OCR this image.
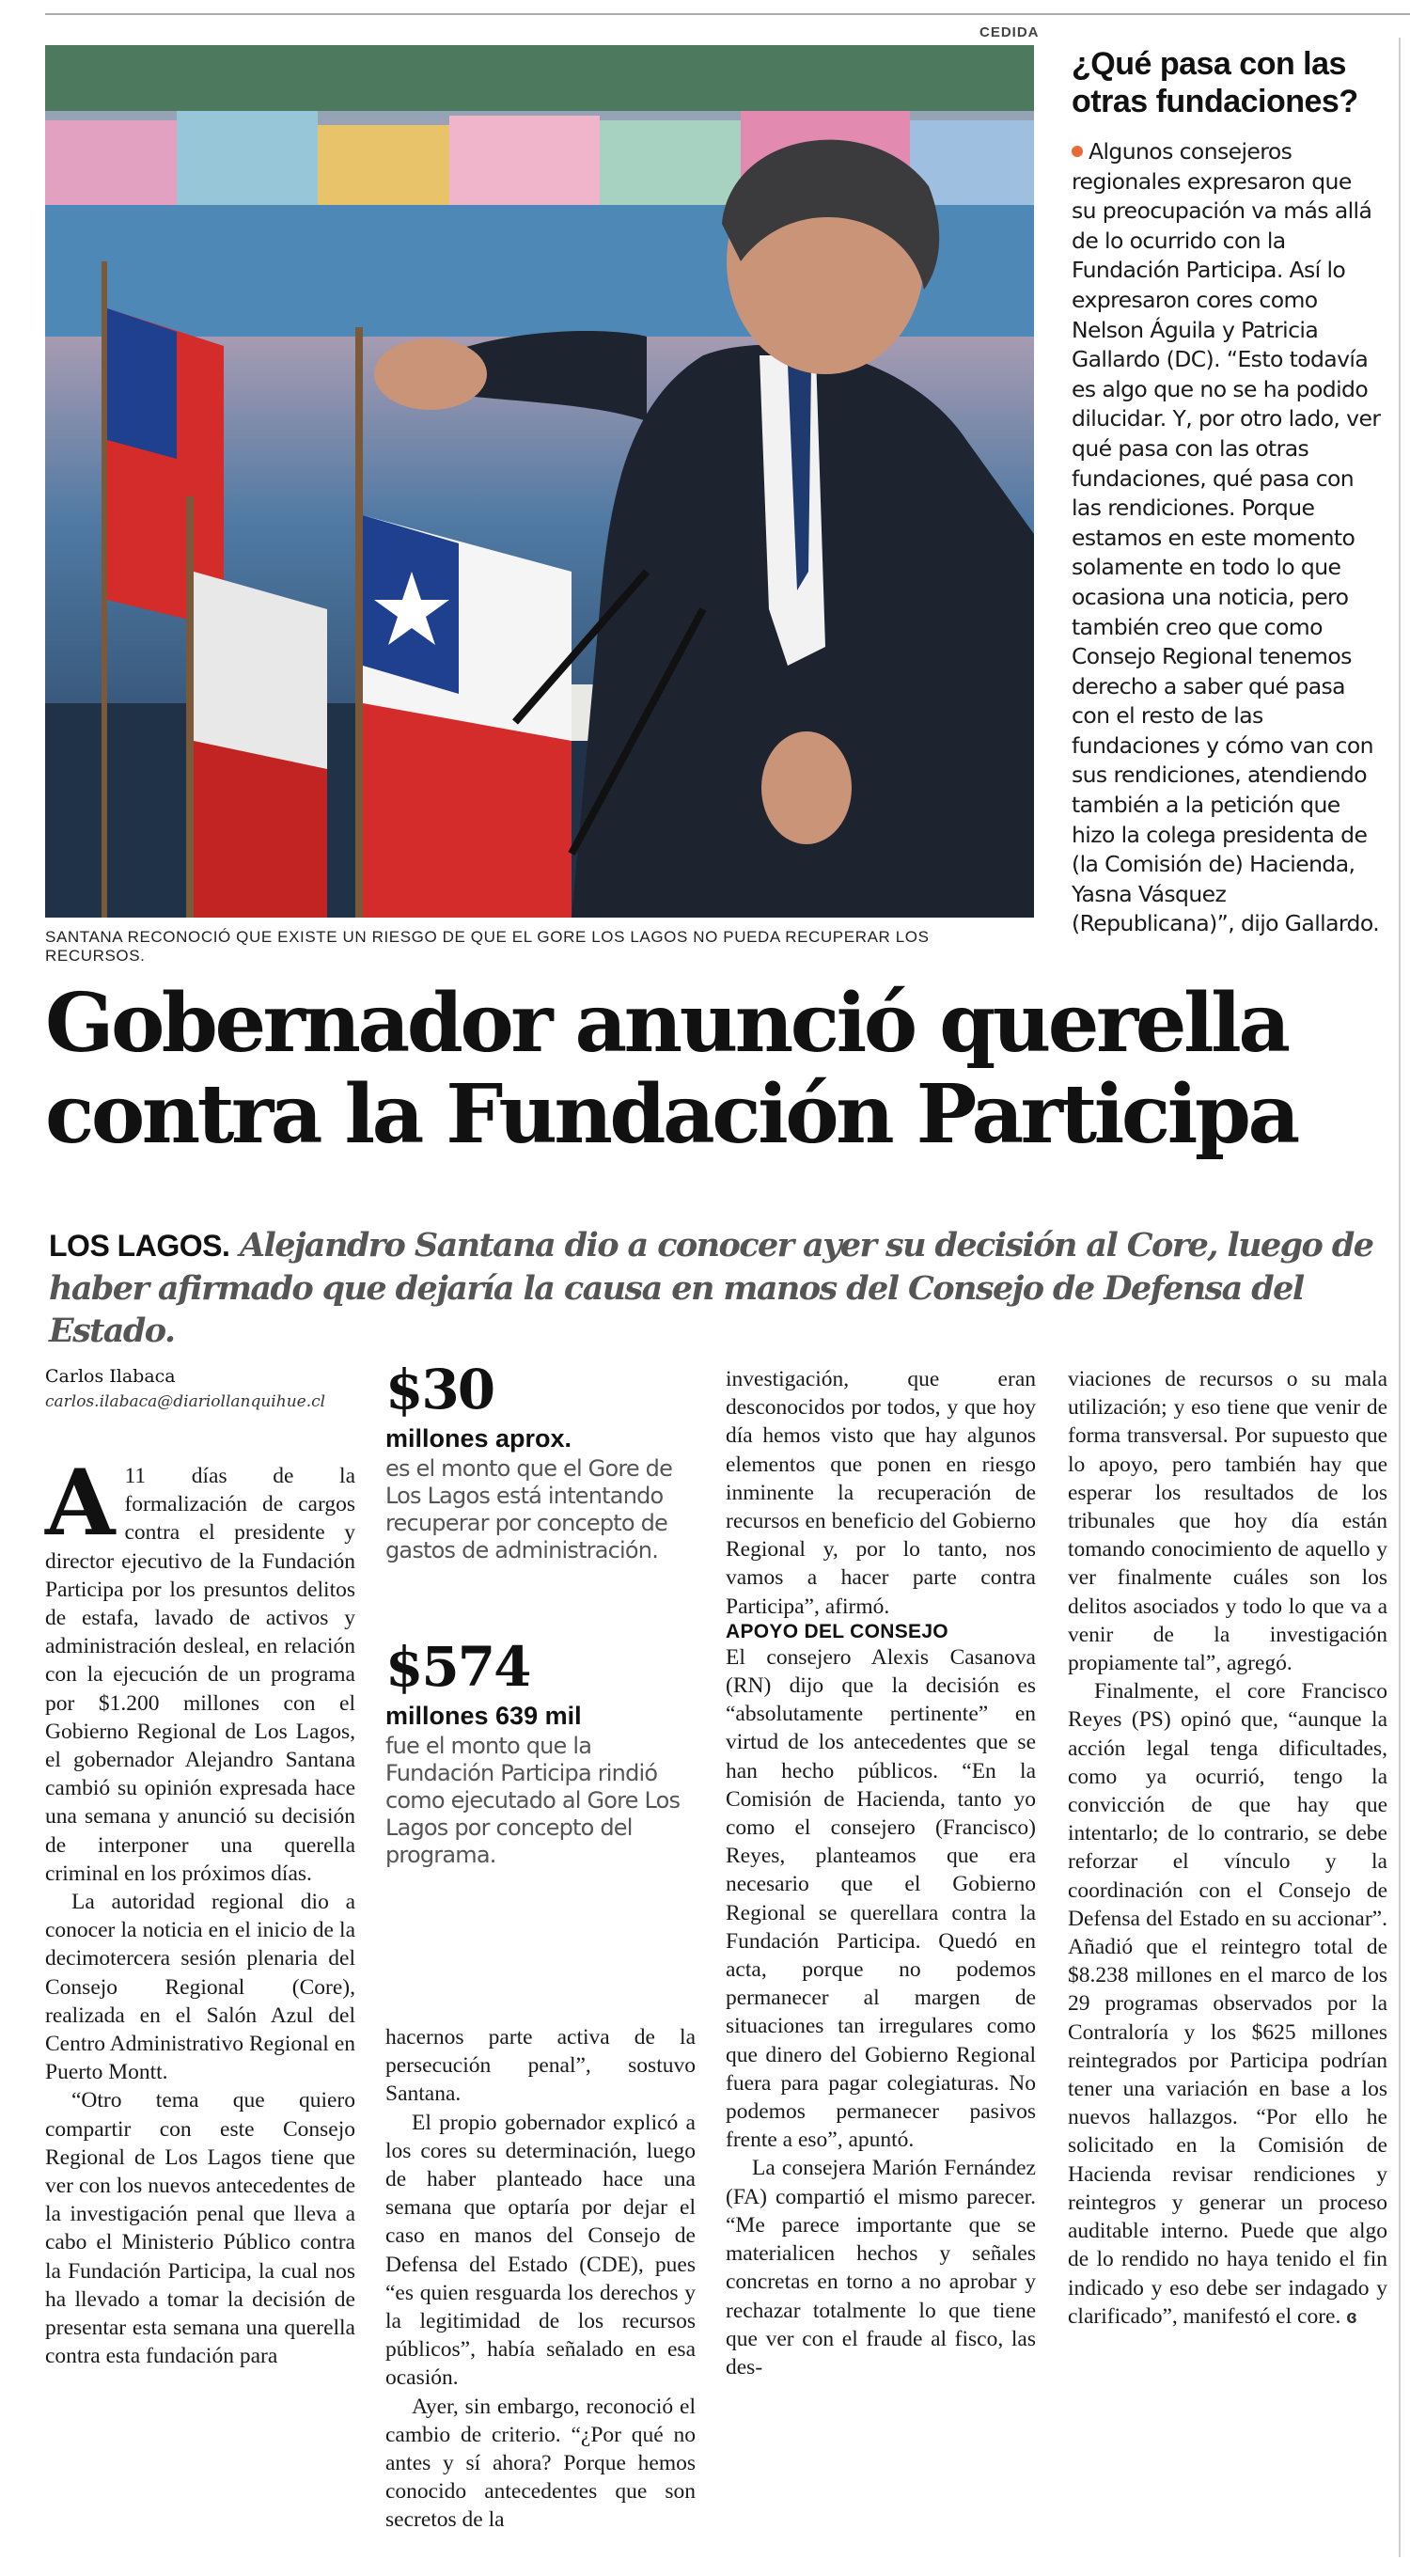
CEDIDA
SANTANA RECONOCIÓ QUE EXISTE UN RIESGO DE QUE EL GORE LOS LAGOS NO PUEDA RECUPERAR LOS RECURSOS.
¿Qué pasa con las otras fundaciones?

Algunos consejeros regionales expresaron que su preocupación va más allá de lo ocurrido con la Fundación Participa. Así lo expresaron cores como Nelson Águila y Patricia Gallardo (DC). “Esto todavía es algo que no se ha podido dilucidar. Y, por otro lado, ver qué pasa con las otras fundaciones, qué pasa con las rendiciones. Porque estamos en este momento solamente en todo lo que ocasiona una noticia, pero también creo que como Consejo Regional tenemos derecho a saber qué pasa con el resto de las fundaciones y cómo van con sus rendiciones, atendiendo también a la petición que hizo la colega presidenta de (la Comisión de) Hacienda, Yasna Vásquez (Republicana)”, dijo Gallardo.

Gobernador anunció querella
contra la Fundación Participa

LOS LAGOS. Alejandro Santana dio a conocer ayer su decisión al Core, luego de haber afirmado que dejaría la causa en manos del Consejo de Defensa del Estado.

Carlos Ilabaca

carlos.ilabaca@diariollanquihue.cl

A 11 días de la formalización de cargos contra el presidente y director ejecutivo de la Fundación Participa por los presuntos delitos de estafa, lavado de activos y administración desleal, en relación con la ejecución de un programa por $1.200 millones con el Gobierno Regional de Los Lagos, el gobernador Alejandro Santana cambió su opinión expresada hace una semana y anunció su decisión de interponer una querella criminal en los próximos días.

La autoridad regional dio a conocer la noticia en el inicio de la decimotercera sesión plenaria del Consejo Regional (Core), realizada en el Salón Azul del Centro Administrativo Regional en Puerto Montt.

“Otro tema que quiero compartir con este Consejo Regional de Los Lagos tiene que ver con los nuevos antecedentes de la investigación penal que lleva a cabo el Ministerio Público contra la Fundación Participa, la cual nos ha llevado a tomar la decisión de presentar esta semana una querella contra esta fundación para

$30

millones aprox.

es el monto que el Gore de Los Lagos está intentando recuperar por concepto de gastos de administración.

$574

millones 639 mil

fue el monto que la Fundación Participa rindió como ejecutado al Gore Los Lagos por concepto del programa.

hacernos parte activa de la persecución penal”, sostuvo Santana.

El propio gobernador explicó a los cores su determinación, luego de haber planteado hace una semana que optaría por dejar el caso en manos del Consejo de Defensa del Estado (CDE), pues “es quien resguarda los derechos y la legitimidad de los recursos públicos”, había señalado en esa ocasión.

Ayer, sin embargo, reconoció el cambio de criterio. “¿Por qué no antes y sí ahora? Porque hemos conocido antecedentes que son secretos de la

investigación, que eran desconocidos por todos, y que hoy día hemos visto que hay algunos elementos que ponen en riesgo inminente la recuperación de recursos en beneficio del Gobierno Regional y, por lo tanto, nos vamos a hacer parte contra Participa”, afirmó.

APOYO DEL CONSEJO

El consejero Alexis Casanova (RN) dijo que la decisión es “absolutamente pertinente” en virtud de los antecedentes que se han hecho públicos. “En la Comisión de Hacienda, tanto yo como el consejero (Francisco) Reyes, planteamos que era necesario que el Gobierno Regional se querellara contra la Fundación Participa. Quedó en acta, porque no podemos permanecer al margen de situaciones tan irregulares como que dinero del Gobierno Regional fuera para pagar colegiaturas. No podemos permanecer pasivos frente a eso”, apuntó.

La consejera Marión Fernández (FA) compartió el mismo parecer. “Me parece importante que se materialicen hechos y señales concretas en torno a no aprobar y rechazar totalmente lo que tiene que ver con el fraude al fisco, las des-

viaciones de recursos o su mala utilización; y eso tiene que venir de forma transversal. Por supuesto que lo apoyo, pero también hay que esperar los resultados de los tribunales que hoy día están tomando conocimiento de aquello y ver finalmente cuáles son los delitos asociados y todo lo que va a venir de la investigación propiamente tal”, agregó.

Finalmente, el core Francisco Reyes (PS) opinó que, “aunque la acción legal tenga dificultades, como ya ocurrió, tengo la convicción de que hay que intentarlo; de lo contrario, se debe reforzar el vínculo y la coordinación con el Consejo de Defensa del Estado en su accionar”. Añadió que el reintegro total de $8.238 millones en el marco de los 29 programas observados por la Contraloría y los $625 millones reintegrados por Participa podrían tener una variación en base a los nuevos hallazgos. “Por ello he solicitado en la Comisión de Hacienda revisar rendiciones y reintegros y generar un proceso auditable interno. Puede que algo de lo rendido no haya tenido el fin indicado y eso debe ser indagado y clarificado”, manifestó el core. ɞ
